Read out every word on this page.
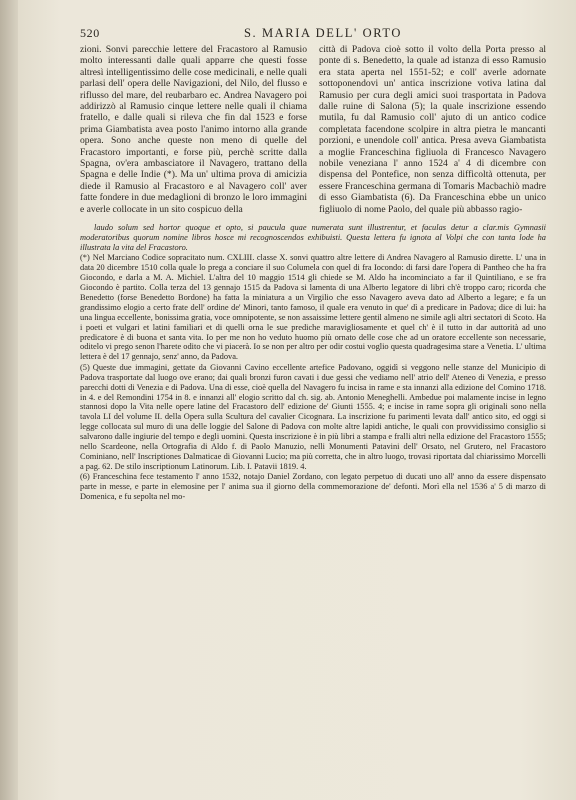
520	S. MARIA DELL' ORTO

zioni. Sonvi parecchie lettere del Fracastoro al Ramusio molto interessanti dalle quali apparre che questi fosse altresì intelligentissimo delle cose medicinali, e nelle quali parlasi dell' opera delle Navigazioni, del Nilo, del flusso e riflusso del mare, del reubarbaro ec. Andrea Navagero poi addirizzò al Ramusio cinque lettere nelle quali il chiama fratello, e dalle quali si rileva che fin dal 1523 e forse prima Giambatista avea posto l'animo intorno alla grande opera. Sono anche queste non meno di quelle del Fracastoro importanti, e forse più, perchè scritte dalla Spagna, ov'era ambasciatore il Navagero, trattano della Spagna e delle Indie (*). Ma un' ultima prova di amicizia diede il Ramusio al Fracastoro e al Navagero coll' aver fatte fondere in due medaglioni di bronzo le loro immagini e averle collocate in un sito cospicuo della

città di Padova cioè sotto il volto della Porta presso al ponte di s. Benedetto, la quale ad istanza di esso Ramusio era stata aperta nel 1551-52; e coll' averle adornate sottoponendovi un' antica inscrizione votiva latina dal Ramusio per cura degli amici suoi trasportata in Padova dalle ruine di Salona (5); la quale inscrizione essendo mutila, fu dal Ramusio coll' ajuto di un antico codice completata facendone scolpire in altra pietra le mancanti porzioni, e unendole coll' antica. Presa aveva Giambatista a moglie Franceschina figliuola di Francesco Navagero nobile veneziana l' anno 1524 a' 4 di dicembre con dispensa del Pontefice, non senza difficoltà ottenuta, per essere Franceschina germana di Tomaris Macbachiò madre di esso Giambatista (6). Da Franceschina ebbe un unico figliuolo di nome Paolo, del quale più abbasso ragio-

laudo solum sed hortor quoque et opto, si paucula quae numerata sunt illustrentur, et faculas detur a clar.mis Gymnasii moderatoribus quorum nomine libros hosce mi recognoscendos exhibuisti. Questa lettera fu ignota al Volpi che con tanta lode ha illustrata la vita del Fracastoro.

(*) Nel Marciano Codice sopracitato num. CXLIII. classe X. sonvi quattro altre lettere di Andrea Navagero al Ramusio dirette. L' una in data 20 dicembre 1510 colla quale lo prega a conciare il suo Columela con quel di fra Iocondo: di farsi dare l'opera di Pantheo che ha fra Giocondo, e darla a M. A. Michiel. L'altra del 10 maggio 1514 gli chiede se M. Aldo ha incominciato a far il Quintiliano, e se fra Giocondo è partito. Colla terza del 13 gennajo 1515 da Padova si lamenta di una Alberto legatore di libri ch'è troppo caro; ricorda che Benedetto (forse Benedetto Bordone) ha fatta la miniatura a un Virgilio che esso Navagero aveva dato ad Alberto a legare; e fa un grandissimo elogio a certo frate dell' ordine de' Minori, tanto famoso, il quale era venuto in que' dì a predicare in Padova; dice di lui: ha una lingua eccellente, bonissima gratia, voce omnipotente, se non assaissime lettere gentil almeno ne simile agli altri sectatori di Scoto. Ha i poeti et vulgari et latini familiari et di quelli orna le sue prediche maravigliosamente et quel ch' è il tutto in dar auttorità ad uno predicatore è di buona et santa vita. Io per me non ho veduto huomo più ornato delle cose che ad un oratore eccellente son necessarie, oditelo vi prego senon l'harete odito che vi piacerà. Io se non per altro per odir costui voglio questa quadragesima stare a Venetia. L' ultima lettera è del 17 gennajo, senz' anno, da Padova.

(5) Queste due immagini, gettate da Giovanni Cavino eccellente artefice Padovano, oggidì si veggono nelle stanze del Municipio di Padova trasportate dal luogo ove erano; dai quali bronzi furon cavati i due gessi che vediamo nell' atrio dell' Ateneo di Venezia, e presso parecchi dotti di Venezia e di Padova. Una di esse, cioè quella del Navagero fu incisa in rame e sta innanzi alla edizione del Comino 1718. in 4. e del Remondini 1754 in 8. e innanzi all' elogio scritto dal ch. sig. ab. Antonio Meneghelli. Ambedue poi malamente incise in legno stannosi dopo la Vita nelle opere latine del Fracastoro dell' edizione de' Giunti 1555. 4; e incise in rame sopra gli originali sono nella tavola LI del volume II. della Opera sulla Scultura del cavalier Cicognara. La inscrizione fu parimenti levata dall' antico sito, ed oggi si legge collocata sul muro di una delle loggie del Salone di Padova con molte altre lapidi antiche, le quali con provvidissimo consiglio si salvarono dalle ingiurie del tempo e degli uomini. Questa inscrizione è in più libri a stampa e fralli altri nella edizione del Fracastoro 1555; nello Scardeone, nella Ortografia di Aldo f. di Paolo Manuzio, nelli Monumenti Patavini dell' Orsato, nel Grutero, nel Fracastoro Cominiano, nell' Inscriptiones Dalmaticae di Giovanni Lucio; ma più corretta, che in altro luogo, trovasi riportata dal chiarissimo Morcelli a pag. 62. De stilo inscriptionum Latinorum. Lib. I. Patavii 1819. 4.

(6) Franceschina fece testamento l' anno 1532, notajo Daniel Zordano, con legato perpetuo di ducati uno all' anno da essere dispensato parte in messe, e parte in elemosine per l' anima sua il giorno della commemorazione de' defonti. Morì ella nel 1536 a' 5 di marzo di Domenica, e fu sepolta nel mo-
